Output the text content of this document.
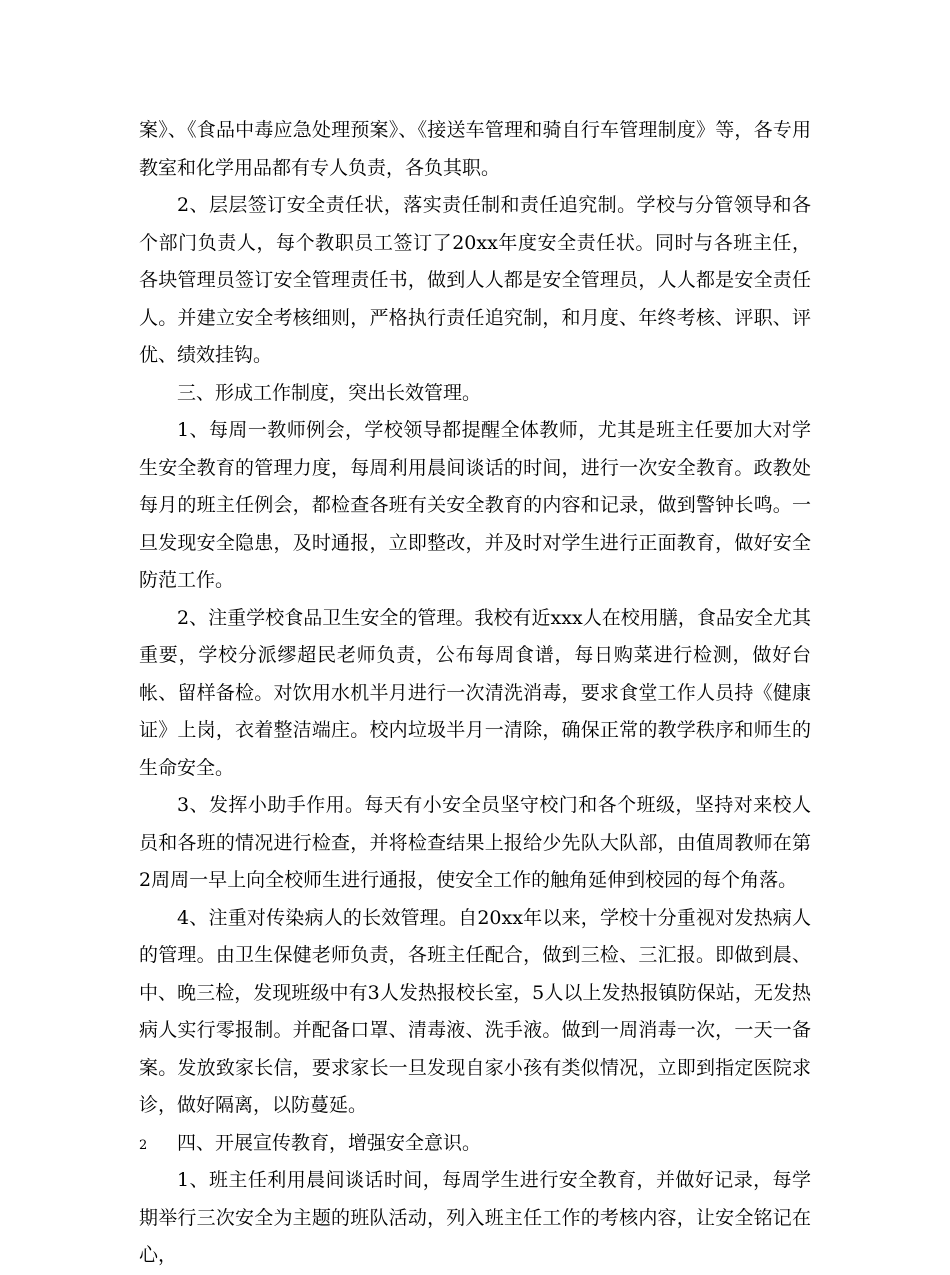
案》、《食品中毒应急处理预案》、《接送车管理和骑自行车管理制度》等，各专用教室和化学用品都有专人负责，各负其职。

2、层层签订安全责任状，落实责任制和责任追究制。学校与分管领导和各个部门负责人，每个教职员工签订了20xx年度安全责任状。同时与各班主任，各块管理员签订安全管理责任书，做到人人都是安全管理员，人人都是安全责任人。并建立安全考核细则，严格执行责任追究制，和月度、年终考核、评职、评优、绩效挂钩。

三、形成工作制度，突出长效管理。

1、每周一教师例会，学校领导都提醒全体教师，尤其是班主任要加大对学生安全教育的管理力度，每周利用晨间谈话的时间，进行一次安全教育。政教处每月的班主任例会，都检查各班有关安全教育的内容和记录，做到警钟长鸣。一旦发现安全隐患，及时通报，立即整改，并及时对学生进行正面教育，做好安全防范工作。

2、注重学校食品卫生安全的管理。我校有近xxx人在校用膳，食品安全尤其重要，学校分派缪超民老师负责，公布每周食谱，每日购菜进行检测，做好台帐、留样备检。对饮用水机半月进行一次清洗消毒，要求食堂工作人员持《健康证》上岗，衣着整洁端庄。校内垃圾半月一清除，确保正常的教学秩序和师生的生命安全。

3、发挥小助手作用。每天有小安全员坚守校门和各个班级，坚持对来校人员和各班的情况进行检查，并将检查结果上报给少先队大队部，由值周教师在第2周周一早上向全校师生进行通报，使安全工作的触角延伸到校园的每个角落。

4、注重对传染病人的长效管理。自20xx年以来，学校十分重视对发热病人的管理。由卫生保健老师负责，各班主任配合，做到三检、三汇报。即做到晨、中、晚三检，发现班级中有3人发热报校长室，5人以上发热报镇防保站，无发热病人实行零报制。并配备口罩、清毒液、洗手液。做到一周消毒一次，一天一备案。发放致家长信，要求家长一旦发现自家小孩有类似情况，立即到指定医院求诊，做好隔离，以防蔓延。

四、开展宣传教育，增强安全意识。

1、班主任利用晨间谈话时间，每周学生进行安全教育，并做好记录，每学期举行三次安全为主题的班队活动，列入班主任工作的考核内容，让安全铭记在心，

2
